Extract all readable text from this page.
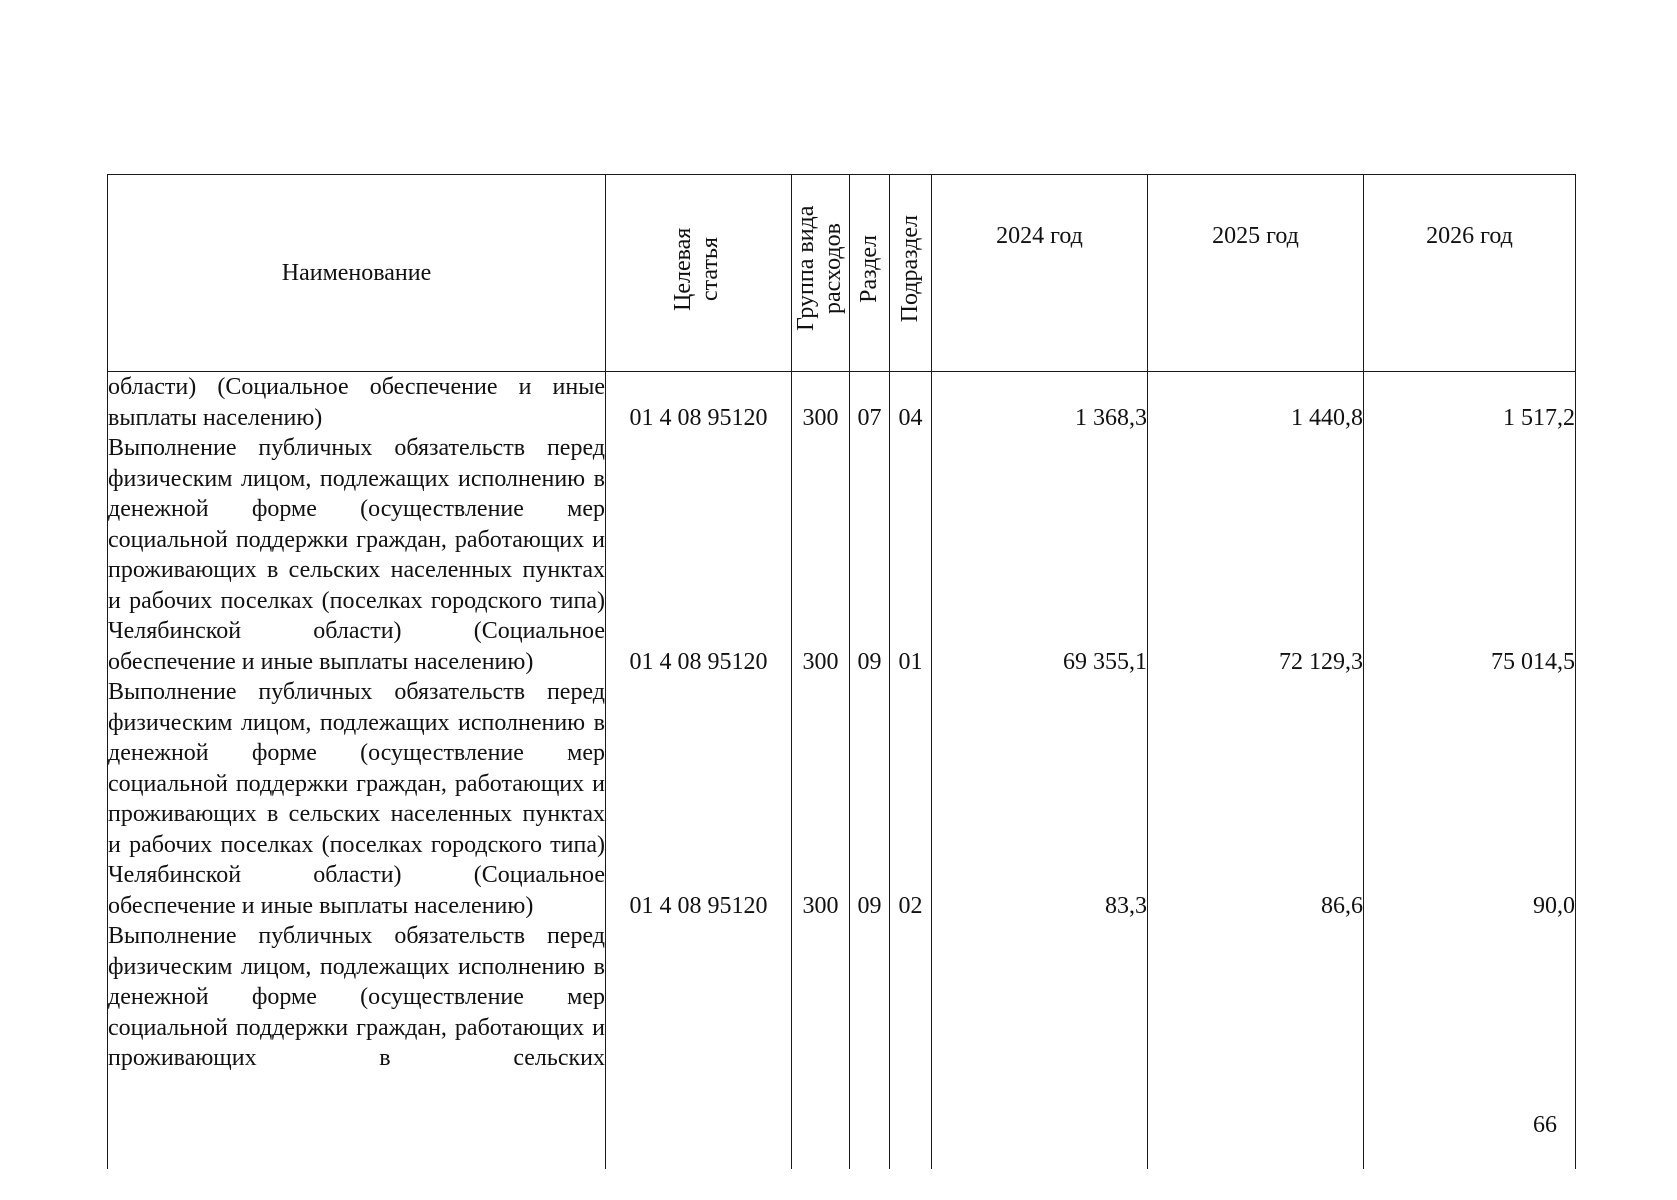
Наименование	Целевая статья	Группа вида расходов	Раздел	Подраздел	2024 год	2025 год	2026 год
области) (Социальное обеспечение и иные выплаты населению)	01 4 08 95120	300	07	04	1 368,3	1 440,8	1 517,2
Выполнение публичных обязательств перед физическим лицом, подлежащих исполнению в денежной форме (осуществление мер социальной поддержки граждан, работающих и проживающих в сельских населенных пунктах и рабочих поселках (поселках городского типа) Челябинской области) (Социальное обеспечение и иные выплаты населению)	01 4 08 95120	300	09	01	69 355,1	72 129,3	75 014,5
Выполнение публичных обязательств перед физическим лицом, подлежащих исполнению в денежной форме (осуществление мер социальной поддержки граждан, работающих и проживающих в сельских населенных пунктах и рабочих поселках (поселках городского типа) Челябинской области) (Социальное обеспечение и иные выплаты населению)	01 4 08 95120	300	09	02	83,3	86,6	90,0
Выполнение публичных обязательств перед физическим лицом, подлежащих исполнению в денежной форме (осуществление мер социальной поддержки граждан, работающих и проживающих в сельских							
66
